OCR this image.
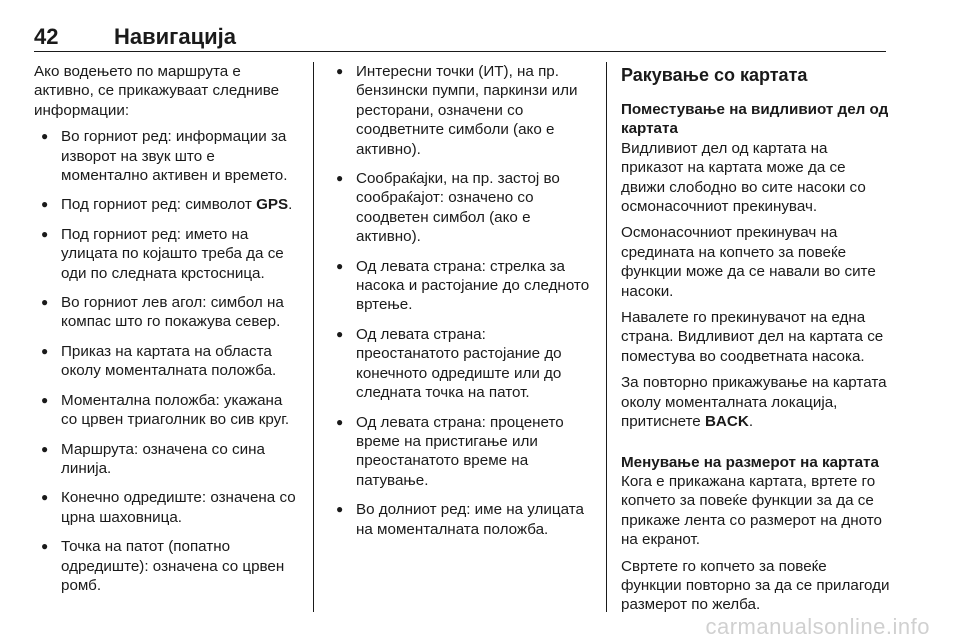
42	Навигација

Ако водењето по маршрута е активно, се прикажуваат следниве информации:

● Во горниот ред: информации за изворот на звук што е моментално активен и времето.
● Под горниот ред: символот GPS.
● Под горниот ред: името на улицата по којашто треба да се оди по следната крстосница.
● Во горниот лев агол: симбол на компас што го покажува север.
● Приказ на картата на областа околу моменталната положба.
● Моментална положба: укажана со црвен триаголник во сив круг.
● Маршрута: означена со сина линија.
● Конечно одредиште: означена со црна шаховница.
● Точка на патот (попатно одредиште): означена со црвен ромб.
● Интересни точки (ИТ), на пр. бензински пумпи, паркинзи или ресторани, означени со соодветните симболи (ако е активно).
● Сообраќајки, на пр. застој во сообраќајот: означено со соодветен симбол (ако е активно).
● Од левата страна: стрелка за насока и растојание до следното вртење.
● Од левата страна: преостанатото растојание до конечното одредиште или до следната точка на патот.
● Од левата страна: проценето време на пристигање или преостанатото време на патување.
● Во долниот ред: име на улицата на моменталната положба.
Ракување со картата
Поместување на видливиот дел од картата

Видливиот дел од картата на приказот на картата може да се движи слободно во сите насоки со осмонасочниот прекинувач.

Осмонасочниот прекинувач на средината на копчето за повеќе функции може да се навали во сите насоки.

Навалете го прекинувачот на една страна. Видливиот дел на картата се поместува во соодветната насока.

За повторно прикажување на картата околу моменталната локација, притиснете BACK.

Менување на размерот на картата

Кога е прикажана картата, вртете го копчето за повеќе функции за да се прикаже лента со размерот на дното на екранот.

Свртете го копчето за повеќе функции повторно за да се прилагоди размерот по желба.

carmanualsonline.info
